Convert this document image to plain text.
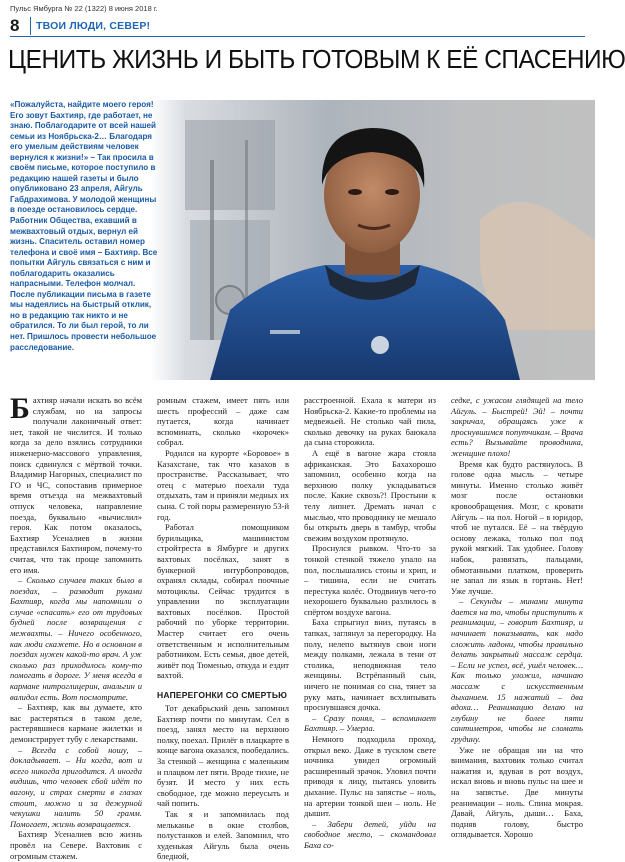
Пульс Ямбурга № 22 (1322) 8 июня 2018 г.
8 ТВОИ ЛЮДИ, СЕВЕР!
ЦЕНИТЬ ЖИЗНЬ И БЫТЬ ГОТОВЫМ К ЕЁ СПАСЕНИЮ

«Пожалуйста, найдите моего героя! Его зовут Бахтияр, где работает, не знаю. Поблагодарите от всей нашей семьи из Ноябрьска-2… Благодаря его умелым действиям человек вернулся к жизни!» – Так просила в своём письме, которое поступило в редакцию нашей газеты и было опубликовано 23 апреля, Айгуль Габдрахимова. У молодой женщины в поезде остановилось сердце.

Работник Общества, ехавший в межвахтовый отдых, вернул ей жизнь. Спаситель оставил номер телефона и своё имя – Бахтияр. Все попытки Айгуль связаться с ним и поблагодарить оказались напрасными. Телефон молчал. После публикации письма в газете мы надеялись на быстрый отклик, но в редакцию так никто и не обратился. То ли был герой, то ли нет. Пришлось провести небольшое расследование.

Бахтияр начали искать во всём службам, но на запросы получали лаконичный ответ: нет, такой не числится. И только когда за дело взялись сотрудники инженерно-массового управления, поиск сдвинулся с мёртвой точки. Владимир Нагорных, специалист по ГО и ЧС, сопоставив примерное время отъезда на межвахтовый отпуск человека, направление поезда, буквально «вычислил» героя. Как потом оказалось, Бахтияр Усеналиев в жизни представился Бахтияром, почему-то считая, что так проще запомнить его имя.

– Сколько случаев таких было в поездах, – разводит руками Бахтияр, когда мы напомнили о случае «спасать» его от трудовых будней после возвращения с межвахты. – Ничего особенного, как люди скажете. Но в основном в поездах нужен какой-то врач. А уж сколько раз приходилось кому-то помогать в дороге. У меня всегда в кармане нитроглицерин, анальгин и валидол есть. Вот посмотрите.

– Бахтияр, как вы думаете, кто вас растеряться в таком деле, растерявшиеся кармане жилетки и демонстрирует тубу с лекарствами.

– Всегда с собой ношу, – докладывает. – Ни когда, вот и всего никогда пригодится. А иногда видишь, что человек сбой идёт по вагону, и страх смерти в глазах стоит, можно и за дежурной чекушки налить 50 грамм. Помогает, жизнь возвращается.

Бахтияр Усеналиев всю жизнь провёл на Севере. Вахтовик с огромным стажем.

ромным стажем, имеет пять или шесть профессий – даже сам путается, когда начинает вспоминать, сколько «корочек» собрал.

Родился на курорте «Боровое» в Казахстане, так что казахов в пространстве. Рассказывает, что отец с матерью поехали туда отдыхать, там и приняли медных их сына. С той поры размеренную 53-й год.

Работал помощником бурильщика, машинистом стройтреста в Ямбурге и других вахтовых посёлках, занят в бункерной интурбопроводов, охранял склады, собирал поочные мотоциклы. Сейчас трудится в управлении по эксплуатации вахтовых посёлков. Простой рабочий по уборке территории. Мастер считает его очень ответственным и исполнительным работником. Есть семья, двое детей, живёт под Тюменью, откуда и ездит вахтой.

НАПЕРЕГОНКИ СО СМЕРТЬЮ

Тот декабрьский день запомнил Бахтияр почти по минутам. Сел в поезд, занял место на верхнюю полку, поехал. Прилёг в плацкарте в конце вагона оказался, пообедались. За стенкой – женщина с маленьким и плацвом лет пяти. Вроде тихие, не бузят. И место у них есть свободное, где можно переусыть и чай попить.

Так я и запомнилась под мельканье в окне столбов, полустанков и елей. Запомнил, что худенькая Айгуль была очень бледной,

расстроенной. Ехала к матери из Ноябрьска-2. Какие-то проблемы на медвежьей. Не столько чай пила, сколько девочку на руках баюкала да сына сторожила.

А ещё в вагоне жара стояла африканская. Это Бахахорошо запомнил, особенно когда на верхнюю полку укладываться после. Какие сквозь?! Простыни к телу липнет. Дремать начал с мыслью, что проводнику не мешало бы открыть дверь в тамбур, чтобы свежим воздухом протянуло.

Проснулся рывком. Что-то за тонкой стенкой тяжело упало на пол, послышались стоны и хрип, и – тишина, если не считать перестука колёс. Отодвинув чего-то нехорошего буквально разлилось в спёртом воздухе вагона.

Баха спрыгнул вниз, путаясь в тапках, заглянул за перегородку. На полу, нелепо вытянув свои ноги между полками, лежала в тени от столика, неподвижная тело женщины. Встрёпанный сын, ничего не понимая со сна, тянет за руку мать, начинает всхлипывать проснувшаяся дочка.

– Сразу понял, – вспоминает Бахтияр. – Умерла.

Немного подходила проход, открыл веко. Даже в тусклом свете ночника увидел огромный расширенный зрачок. Уловил почти приводя к лицу, пытаясь уловить дыхание. Пульс на запястье – ноль, на артерии тонкой шеи – ноль. Не дышит.

– Забери детей, уйди на свободное место, – скомандовал Баха со-

седке, с ужасом глядящей на тело Айгуль. – Быстрей! Эй! – почти закричал, обращаясь уже к проснувшимся попутчикам. – Врача есть? Вызывайте проводника, женщине плохо!

Время как будто растянулось. В голове одна мысль – четыре минуты. Именно столько живёт мозг после остановки кровообращения. Мозг, с кровати Айгуль – на пол. Ногой – в юридор, чтоб не путался. Её – на твёрдую основу лежака, только пол под рукой мягкий. Так удобнее. Голову набок, развязать, пальцами, обмотанными платком, проверить не запал ли язык в гортань. Нет! Уже лучше.

– Секунды – минами минута дается на то, чтобы приступить к реанимации, – говорит Бахтияр, и начинает показывать, как надо сложить ладони, чтобы правильно делать закрытый массаж сердца. – Если не успел, всё, ушёл человек… Как только уложил, начинаю массаж с искусственным дыханием. 15 нажатий – два вдоха… Реанимацию делаю на глубину не более пяти сантиметров, чтобы не сломать грудину.

Уже не обращая ни на что внимания, вахтовик только считал нажатия и, вдувая в рот воздух, искал вновь и вновь пульс на шее и на запястье. Две минуты реанимации – ноль. Спина мокрая. Давай, Айгуль, дыши… Баха, подняв голову, быстро оглядывается. Хорошо
